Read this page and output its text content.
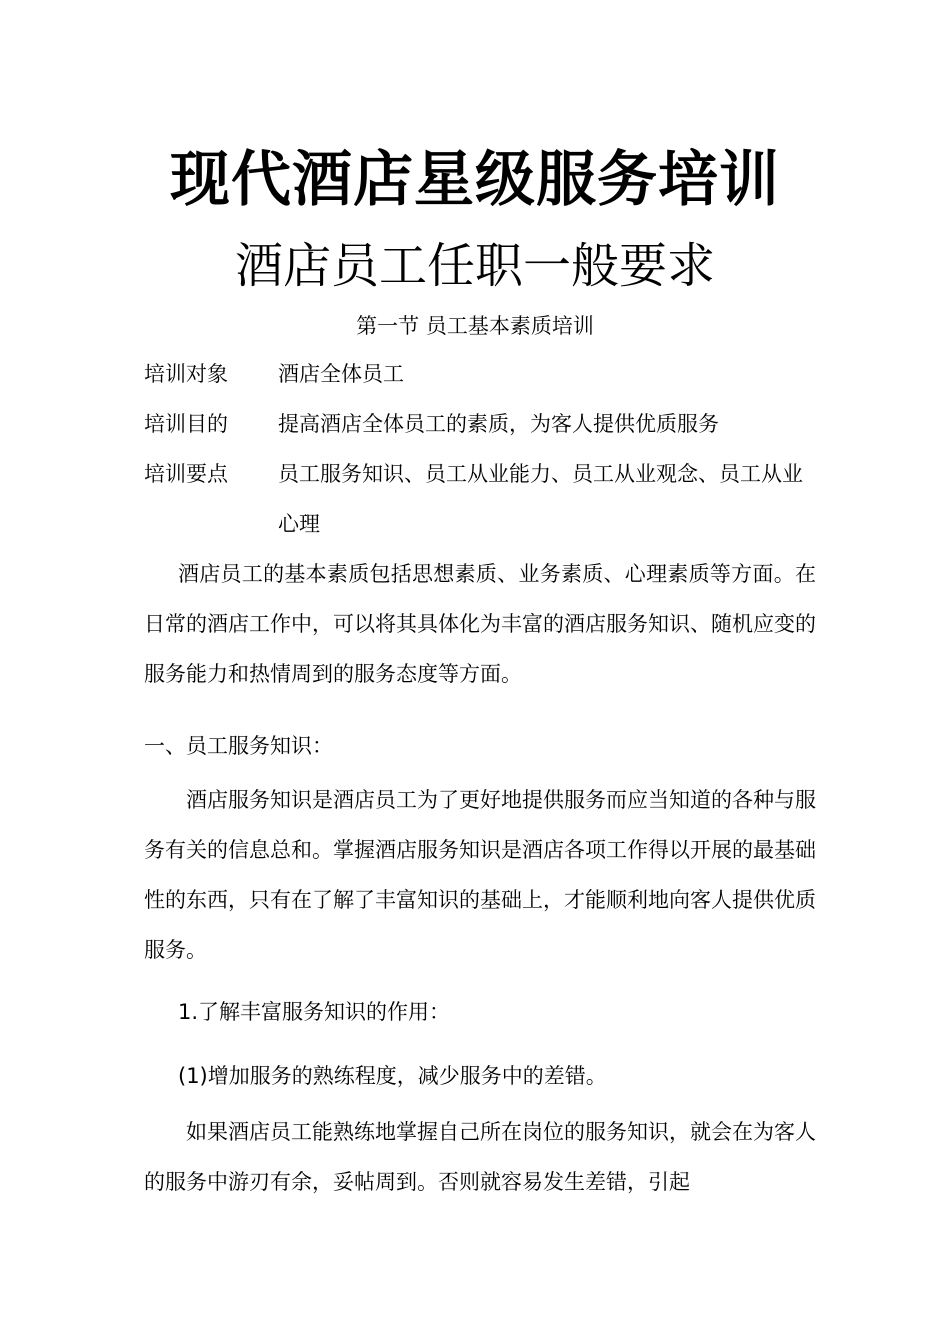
现代酒店星级服务培训
酒店员工任职一般要求
第一节 员工基本素质培训
培训对象	酒店全体员工
培训目的	提高酒店全体员工的素质，为客人提供优质服务
培训要点	员工服务知识、员工从业能力、员工从业观念、员工从业心理
酒店员工的基本素质包括思想素质、业务素质、心理素质等方面。在日常的酒店工作中，可以将其具体化为丰富的酒店服务知识、随机应变的服务能力和热情周到的服务态度等方面。
一、员工服务知识：
酒店服务知识是酒店员工为了更好地提供服务而应当知道的各种与服务有关的信息总和。掌握酒店服务知识是酒店各项工作得以开展的最基础性的东西，只有在了解了丰富知识的基础上，才能顺利地向客人提供优质服务。
1.了解丰富服务知识的作用：
(1)增加服务的熟练程度，减少服务中的差错。
如果酒店员工能熟练地掌握自己所在岗位的服务知识，就会在为客人的服务中游刃有余，妥帖周到。否则就容易发生差错，引起
